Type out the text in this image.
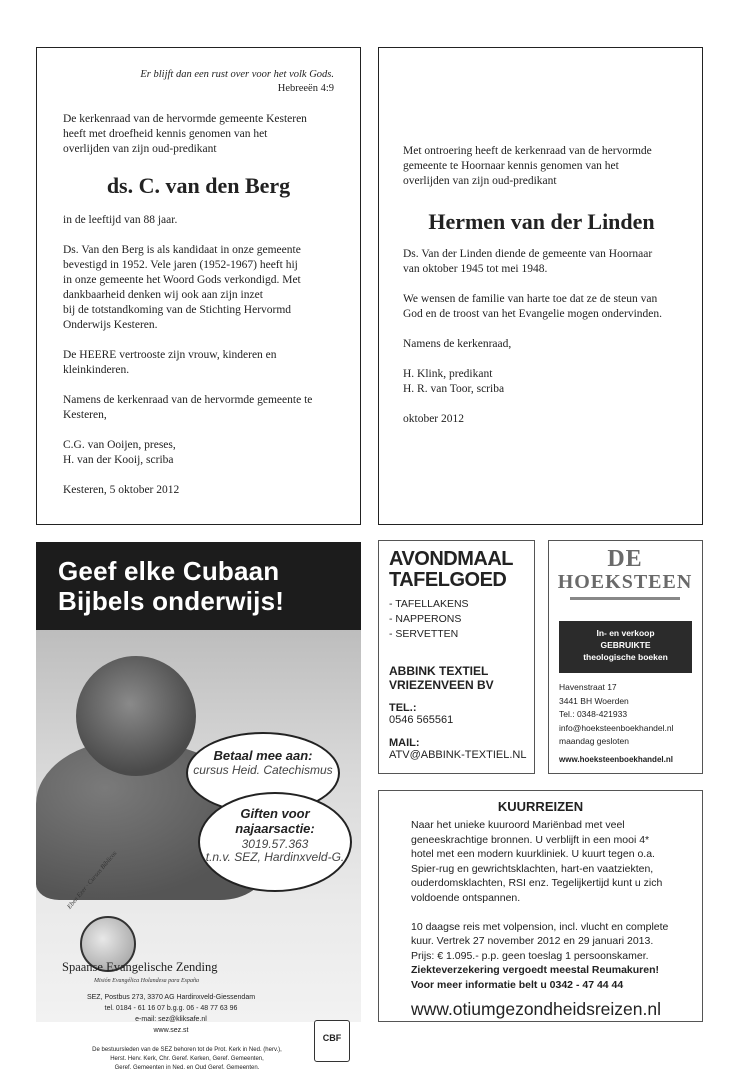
Er blijft dan een rust over voor het volk Gods.

Hebreeën 4:9

De kerkenraad van de hervormde gemeente Kesteren

heeft met droefheid kennis genomen van het

overlijden van zijn oud-predikant

ds. C. van den Berg

in de leeftijd van 88 jaar.

Ds. Van den Berg is als kandidaat in onze gemeente

bevestigd in 1952. Vele jaren (1952-1967) heeft hij

in onze gemeente het Woord Gods verkondigd. Met

dankbaarheid denken wij ook aan zijn inzet

bij de totstandkoming van de Stichting Hervormd

Onderwijs Kesteren.

De HEERE vertrooste zijn vrouw, kinderen en

kleinkinderen.

Namens de kerkenraad van de hervormde gemeente te

Kesteren,

C.G. van Ooijen, preses,

H. van der Kooij, scriba

Kesteren, 5 oktober 2012

Met ontroering heeft de kerkenraad van de hervormde

gemeente te Hoornaar kennis genomen van het

overlijden van zijn oud-predikant

Hermen van der Linden

Ds. Van der Linden diende de gemeente van Hoornaar

van oktober 1945 tot mei 1948.

We wensen de familie van harte toe dat ze de steun van

God en de troost van het Evangelie mogen ondervinden.

Namens de kerkenraad,

H. Klink, predikant

H. R. van Toor, scriba

oktober 2012

Geef elke Cubaan
Bijbels onderwijs!
Betaal mee aan:
cursus Heid. Catechismus
Giften voor
najaarsactie:
3019.57.363
t.n.v. SEZ, Hardinxveld-G.
Eben Ezer · Cursos Bíblicos
Spaanse Evangelische Zending
Misión Evangélica Holandesa para España
SEZ, Postbus 273, 3370 AG Hardinxveld-Giessendam
tel. 0184 - 61 16 07 b.g.g. 06 - 48 77 63 96
e-mail: sez@kliksafe.nl
www.sez.st
De bestuursleden van de SEZ behoren tot de Prot. Kerk in Ned. (herv.),
Herst. Herv. Kerk, Chr. Geref. Kerken, Geref. Gemeenten,
Geref. Gemeenten in Ned. en Oud Geref. Gemeenten.
CBF
AVONDMAAL
TAFELGOED
- TAFELLAKENS
- NAPPERONS
- SERVETTEN
ABBINK TEXTIEL
VRIEZENVEEN BV
TEL.:
0546 565561
MAIL:
ATV@ABBINK-TEXTIEL.NL
DE
HOEKSTEEN
In- en verkoop
GEBRUIKTE
theologische boeken
Havenstraat 17
3441 BH Woerden
Tel.: 0348-421933
info@hoeksteenboekhandel.nl
maandag gesloten
www.hoeksteenboekhandel.nl
KUURREIZEN
Naar het unieke kuuroord Mariënbad met veel
geneeskrachtige bronnen. U verblijft in een mooi 4*
hotel met een modern kuurkliniek. U kuurt tegen o.a.
Spier-rug en gewrichtsklachten, hart-en vaatziekten,
ouderdomsklachten, RSI enz. Tegelijkertijd kunt u zich
voldoende ontspannen.
10 daagse reis met volpension, incl. vlucht en complete
kuur. Vertrek 27 november 2012 en 29 januari 2013.
Prijs: € 1.095.- p.p. geen toeslag 1 persoonskamer.
Ziekteverzekering vergoedt meestal Reumakuren!
Voor meer informatie belt u 0342 - 47 44 44
www.otiumgezondheidsreizen.nl
